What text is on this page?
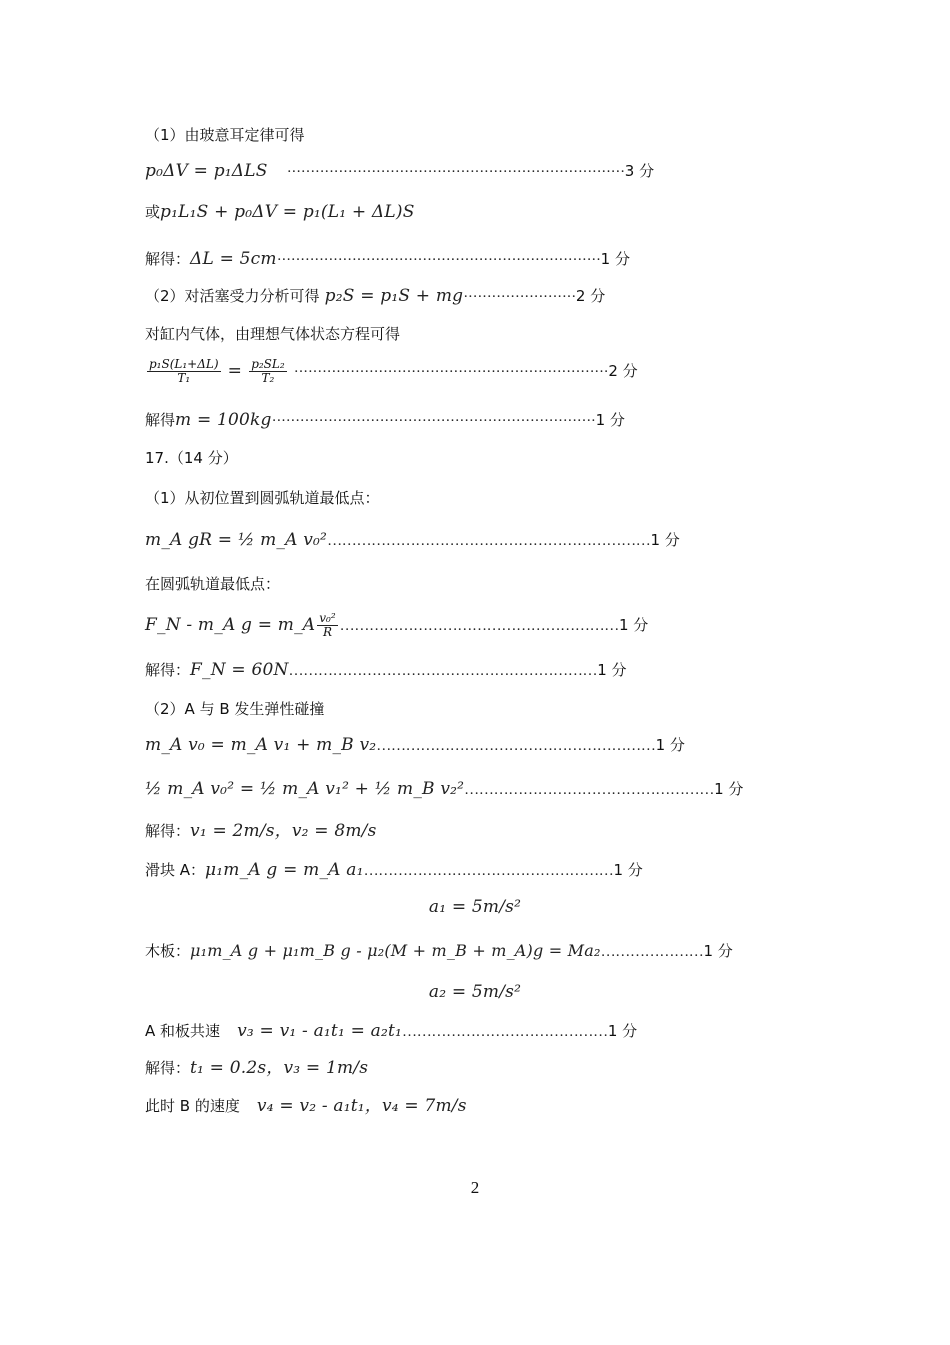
（1）由玻意耳定律可得
p₀ΔV = p₁ΔLS ········································································3 分
或p₁L₁S + p₀ΔV = p₁(L₁ + ΔL)S
解得：ΔL = 5cm·····································································1 分
（2）对活塞受力分析可得 p₂S = p₁S + mg························2 分
对缸内气体，由理想气体状态方程可得
$\frac{\text{p₁S(L₁+ΔL)}}{\text{T₁}} = \frac{\text{p₂SL₂}}{\text{T₂}} \cdot\cdot\cdot\cdot\cdot\cdot\cdot\cdot\cdot\cdot\cdot\cdot\cdot\cdot\cdot\cdot\cdot\cdot\cdot\cdot\cdot\cdot\cdot\cdot\cdot\cdot\cdot\cdot\cdot\cdot\cdot\cdot\cdot\cdot\cdot\cdot\cdot\cdot\cdot\cdot\cdot\cdot\cdot\cdot\cdot\cdot\cdot\cdot\cdot\cdot\cdot\cdot\cdot\cdot\cdot\cdot\cdot\cdot\cdot\cdot\cdot\cdot\cdot\cdot\cdot\cdot\cdot 2$ 分
解得m = 100kg·····································································1 分
17.（14 分）
（1）从初位置到圆弧轨道最低点：
m_A gR = ½ m_A v₀²…………………………………………………………1 分
在圆弧轨道最低点：
F_N - m_A g = m_A $\frac{\text{v₀²}}{R}$ …………………………………………………1 分
解得：F_N = 60N………………………………………………………1 分
（2）A 与 B 发生弹性碰撞
m_A v₀ = m_A v₁ + m_B v₂…………………………………………………1 分
½ m_A v₀² = ½ m_A v₁² + ½ m_B v₂²……………………………………………1 分
解得：v₁ = 2m/s，v₂ = 8m/s
滑块 A：μ₁m_A g = m_A a₁……………………………………………1 分
a₁ = 5m/s²
木板：μ₁m_A g + μ₁m_B g - μ₂(M + m_B + m_A)g = Ma₂…………………1 分
a₂ = 5m/s²
A 和板共速 v₃ = v₁ - a₁t₁ = a₂t₁……………………………………1 分
解得：t₁ = 0.2s，v₃ = 1m/s
此时 B 的速度 v₄ = v₂ - a₁t₁，v₄ = 7m/s
2
